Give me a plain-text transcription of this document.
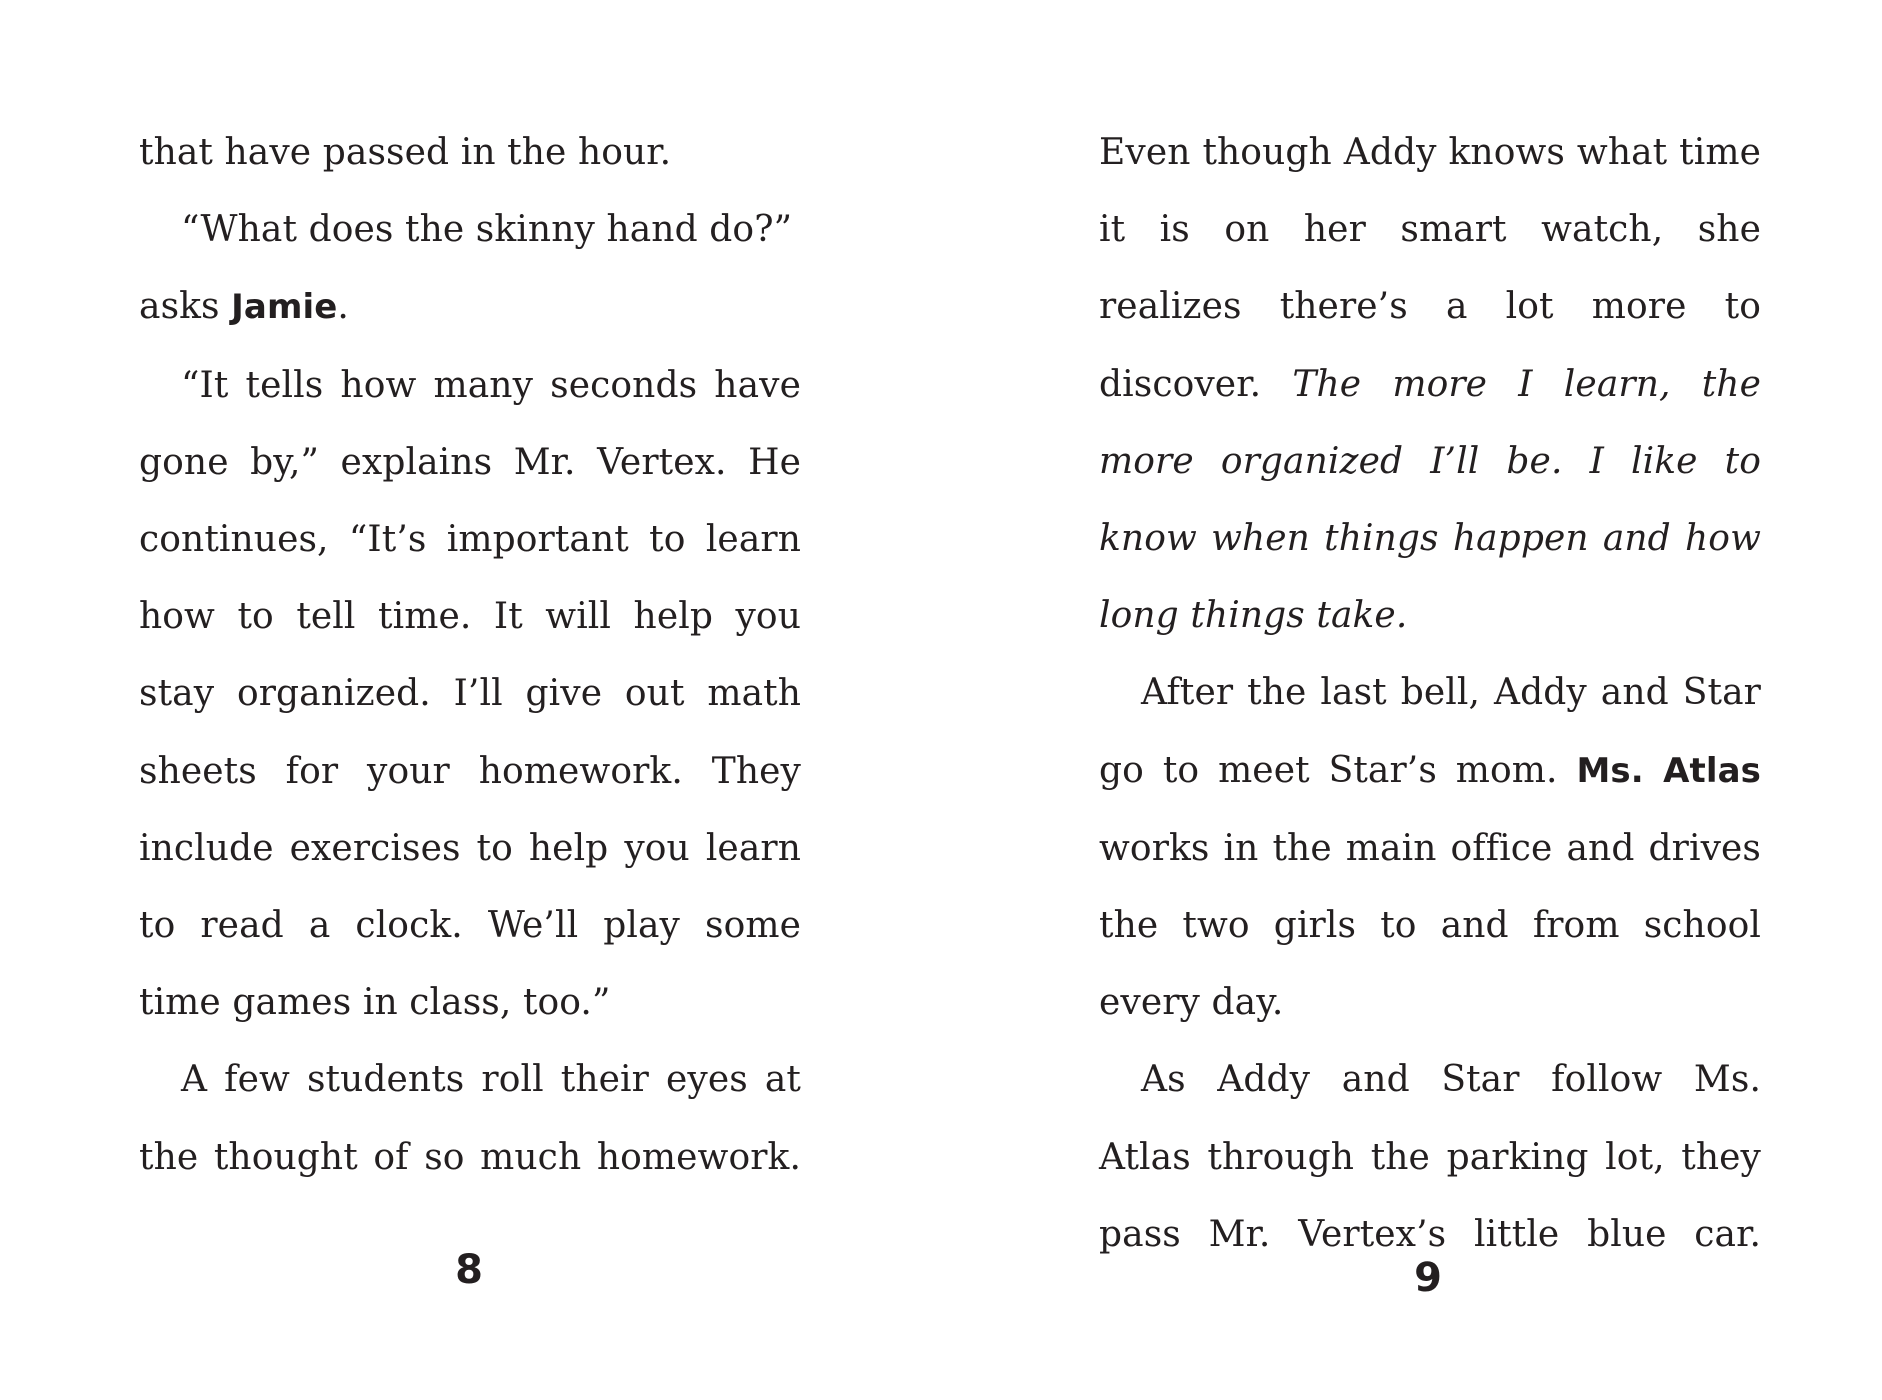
that have passed in the hour.

“What does the skinny hand do?”

asks Jamie.

“It tells how many seconds have gone by,” explains Mr. Vertex. He continues, “It’s important to learn how to tell time. It will help you stay organized. I’ll give out math sheets for your homework. They include exercises to help you learn to read a clock. We’ll play some time games in class, too.”

A few students roll their eyes at the thought of so much homework.

8

Even though Addy knows what time it is on her smart watch, she realizes there’s a lot more to discover. The more I learn, the more organized I’ll be. I like to know when things happen and how long things take.

After the last bell, Addy and Star go to meet Star’s mom. Ms. Atlas works in the main office and drives the two girls to and from school every day.

As Addy and Star follow Ms. Atlas through the parking lot, they pass Mr. Vertex’s little blue car.

9
